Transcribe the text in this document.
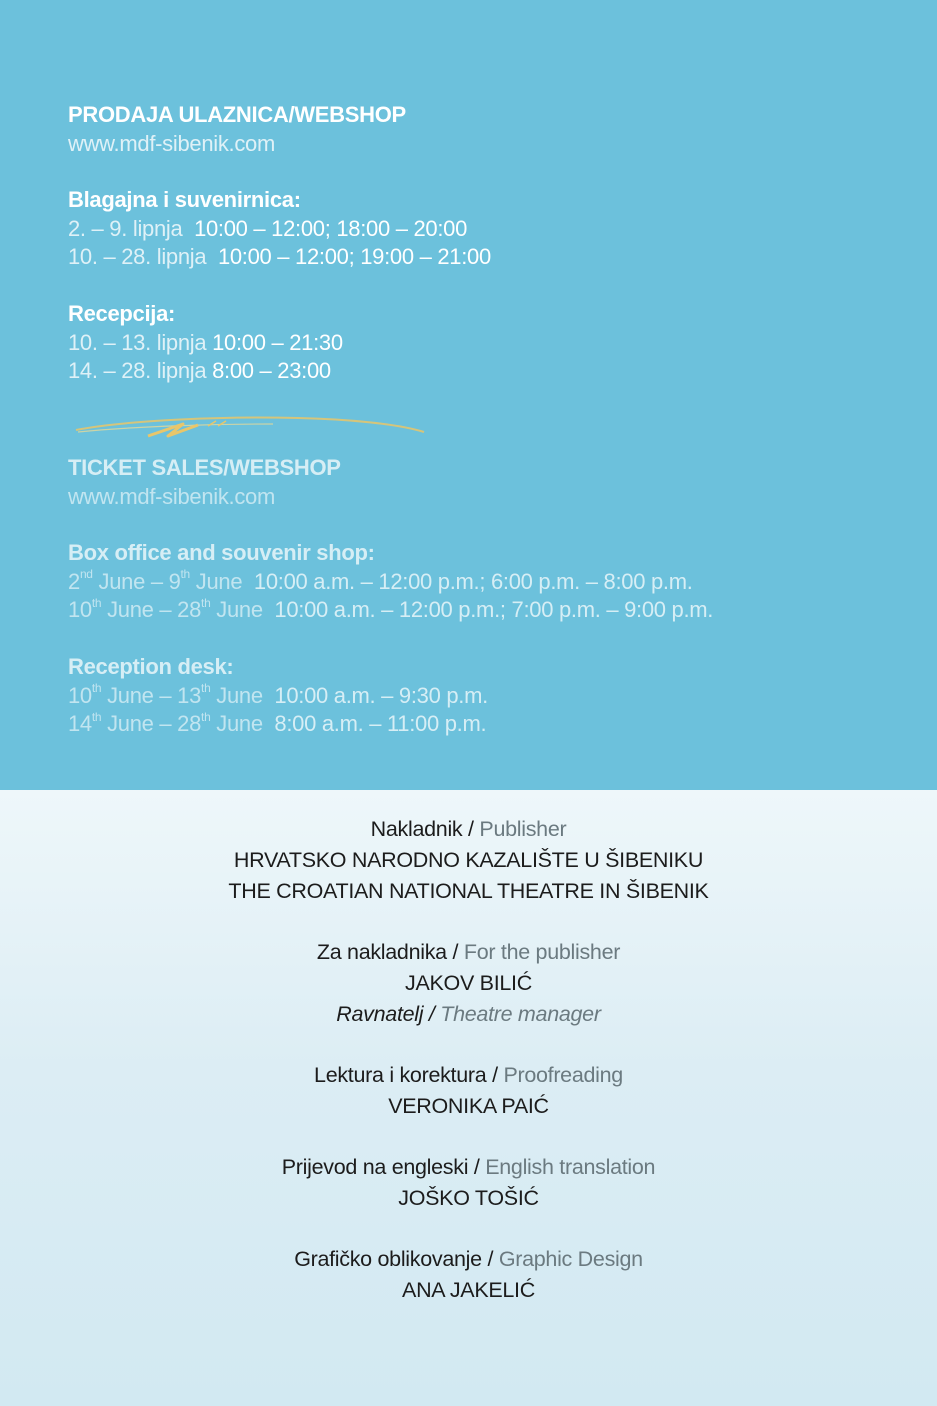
PRODAJA ULAZNICA/WEBSHOP
www.mdf-sibenik.com
Blagajna i suvenirnica:
2. – 9. lipnja 10:00 – 12:00; 18:00 – 20:00
10. – 28. lipnja 10:00 – 12:00; 19:00 – 21:00
Recepcija:
10. – 13. lipnja 10:00 – 21:30
14. – 28. lipnja 8:00 – 23:00
TICKET SALES/WEBSHOP
www.mdf-sibenik.com
Box office and souvenir shop:
2nd June – 9th June 10:00 a.m. – 12:00 p.m.; 6:00 p.m. – 8:00 p.m.
10th June – 28th June 10:00 a.m. – 12:00 p.m.; 7:00 p.m. – 9:00 p.m.
Reception desk:
10th June – 13th June 10:00 a.m. – 9:30 p.m.
14th June – 28th June 8:00 a.m. – 11:00 p.m.
Nakladnik / Publisher
HRVATSKO NARODNO KAZALIŠTE U ŠIBENIKU
THE CROATIAN NATIONAL THEATRE IN ŠIBENIK
Za nakladnika / For the publisher
JAKOV BILIĆ
Ravnatelj / Theatre manager
Lektura i korektura / Proofreading
VERONIKA PAIĆ
Prijevod na engleski / English translation
JOŠKO TOŠIĆ
Grafičko oblikovanje / Graphic Design
ANA JAKELIĆ
